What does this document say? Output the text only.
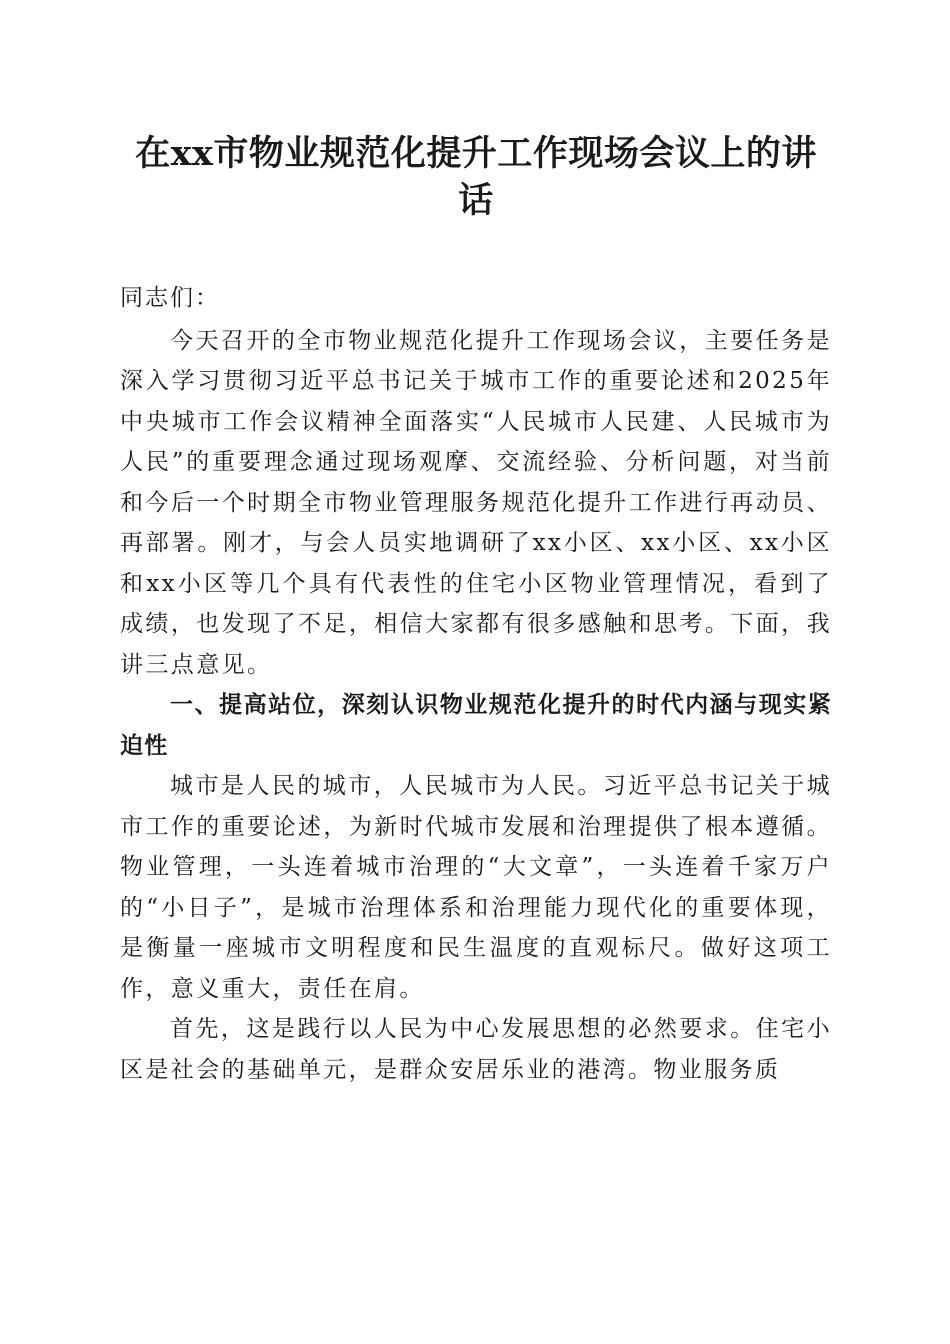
在xx市物业规范化提升工作现场会议上的讲
话

同志们：

今天召开的全市物业规范化提升工作现场会议，主要任务是深入学习贯彻习近平总书记关于城市工作的重要论述和2025年中央城市工作会议精神全面落实“人民城市人民建、人民城市为人民”的重要理念通过现场观摩、交流经验、分析问题，对当前和今后一个时期全市物业管理服务规范化提升工作进行再动员、再部署。刚才，与会人员实地调研了xx小区、xx小区、xx小区和xx小区等几个具有代表性的住宅小区物业管理情况，看到了成绩，也发现了不足，相信大家都有很多感触和思考。下面，我讲三点意见。

一、提高站位，深刻认识物业规范化提升的时代内涵与现实紧迫性

城市是人民的城市，人民城市为人民。习近平总书记关于城市工作的重要论述，为新时代城市发展和治理提供了根本遵循。物业管理，一头连着城市治理的“大文章”，一头连着千家万户的“小日子”，是城市治理体系和治理能力现代化的重要体现，是衡量一座城市文明程度和民生温度的直观标尺。做好这项工作，意义重大，责任在肩。

首先，这是践行以人民为中心发展思想的必然要求。住宅小区是社会的基础单元，是群众安居乐业的港湾。物业服务质
